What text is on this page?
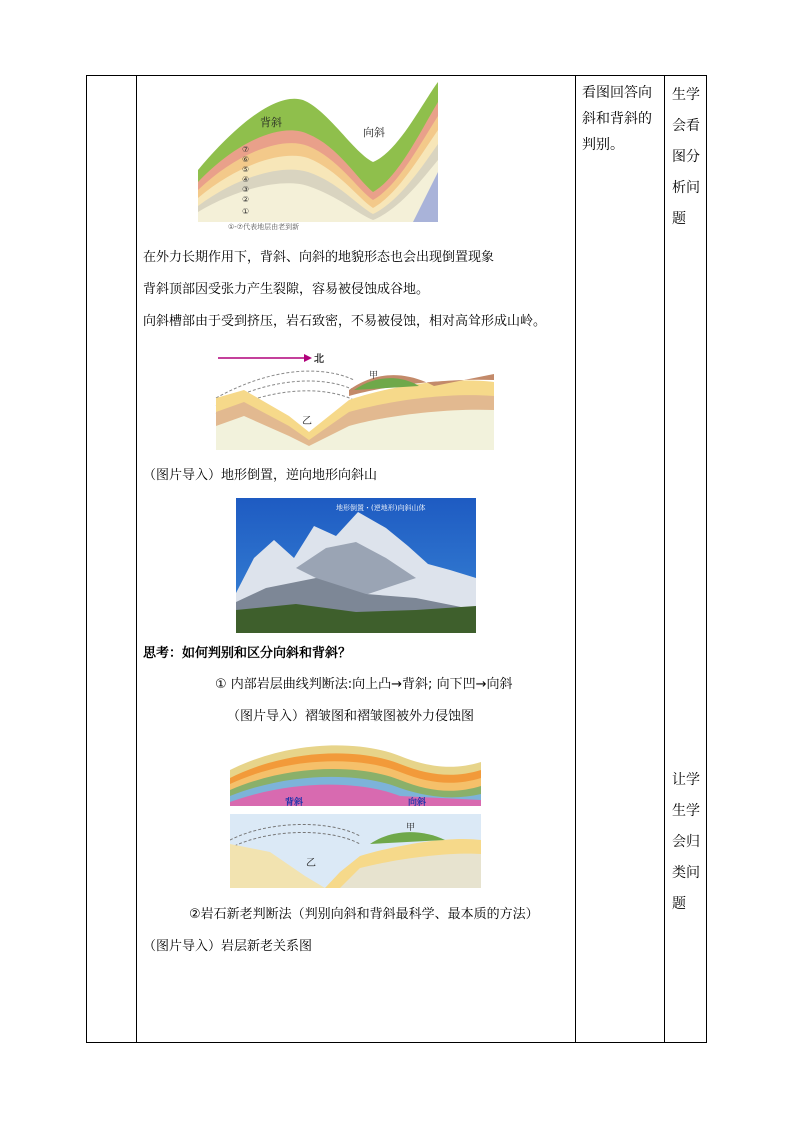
背斜
向斜
⑦
⑥
⑤
④
③
②
①
①-⑦代表地层由老到新
在外力长期作用下，背斜、向斜的地貌形态也会出现倒置现象
背斜顶部因受张力产生裂隙，容易被侵蚀成谷地。
向斜槽部由于受到挤压，岩石致密，不易被侵蚀，相对高耸形成山岭。
北
甲
乙
（图片导入）地形倒置，逆向地形向斜山
地形倒置・(逆地形)向斜山体
思考：如何判别和区分向斜和背斜？
① 内部岩层曲线判断法:向上凸→背斜; 向下凹→向斜
（图片导入）褶皱图和褶皱图被外力侵蚀图
背斜	向斜
甲
乙
②岩石新老判断法（判别向斜和背斜最科学、最本质的方法）
（图片导入）岩层新老关系图
看图回答向
斜和背斜的
判别。
生学
会看
图分
析问
题
让学
生学
会归
类问
题
